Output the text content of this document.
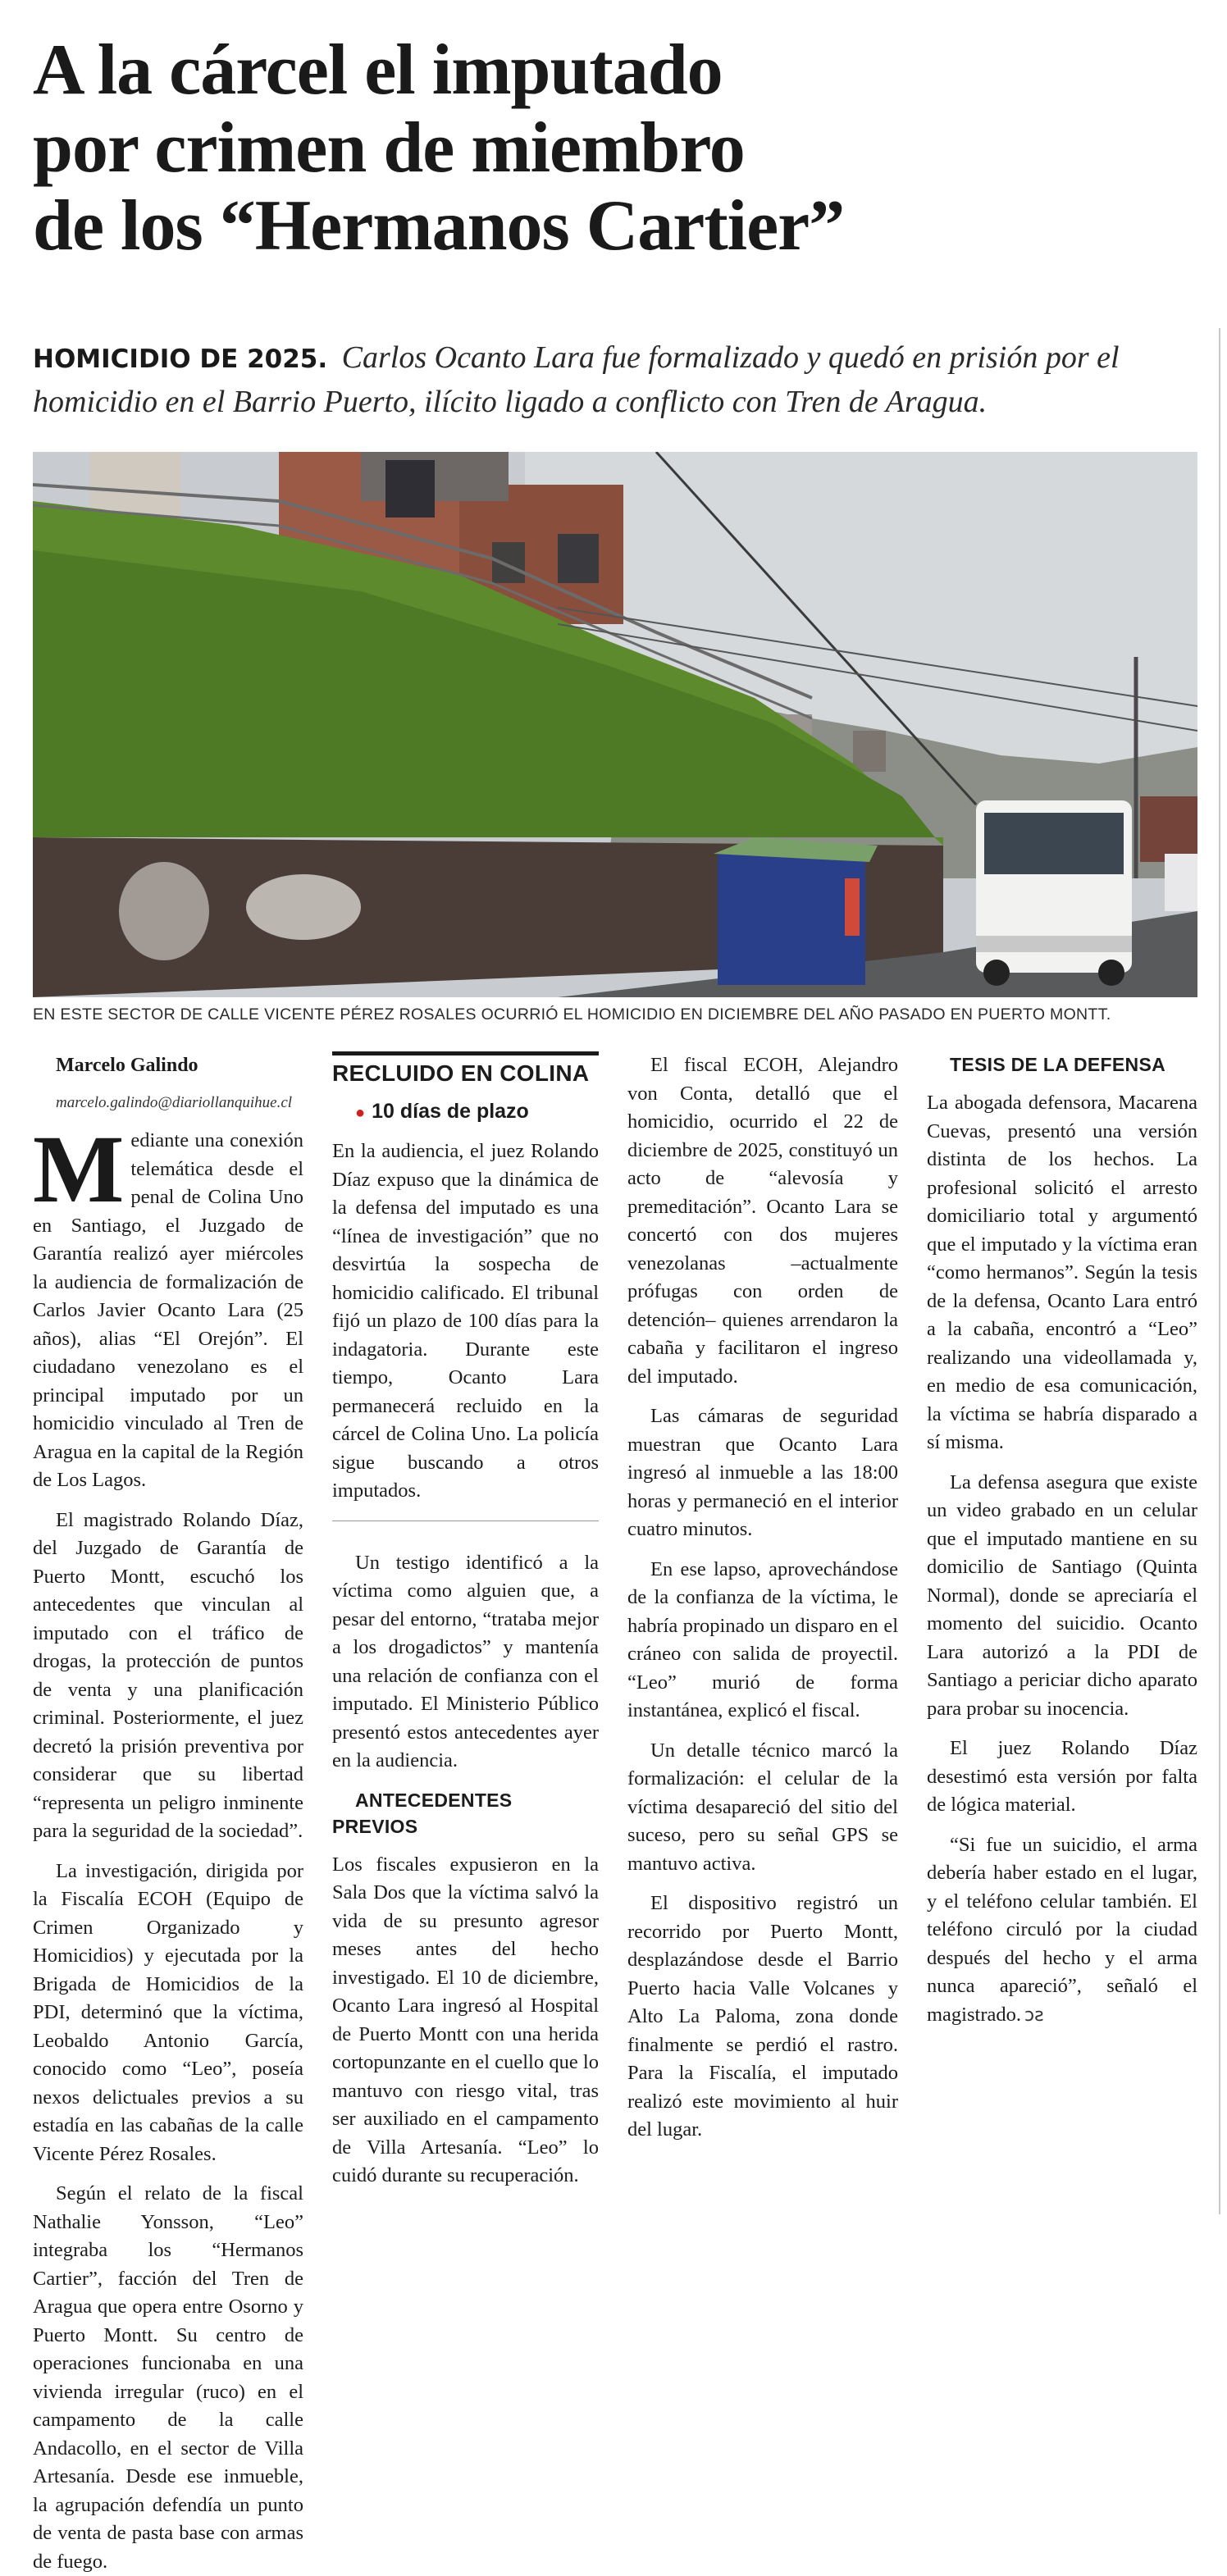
A la cárcel el imputado
por crimen de miembro
de los “Hermanos Cartier”

HOMICIDIO DE 2025. Carlos Ocanto Lara fue formalizado y quedó en prisión por el homicidio en el Barrio Puerto, ilícito ligado a conflicto con Tren de Aragua.

EN ESTE SECTOR DE CALLE VICENTE PÉREZ ROSALES OCURRIÓ EL HOMICIDIO EN DICIEMBRE DEL AÑO PASADO EN PUERTO MONTT.

Marcelo Galindo

marcelo.galindo@diariollanquihue.cl

Mediante una conexión telemática desde el penal de Colina Uno en Santiago, el Juzgado de Garantía realizó ayer miércoles la audiencia de formalización de Carlos Javier Ocanto Lara (25 años), alias “El Orejón”. El ciudadano venezolano es el principal imputado por un homicidio vinculado al Tren de Aragua en la capital de la Región de Los Lagos.

El magistrado Rolando Díaz, del Juzgado de Garantía de Puerto Montt, escuchó los antecedentes que vinculan al imputado con el tráfico de drogas, la protección de puntos de venta y una planificación criminal. Posteriormente, el juez decretó la prisión preventiva por considerar que su libertad “representa un peligro inminente para la seguridad de la sociedad”.

La investigación, dirigida por la Fiscalía ECOH (Equipo de Crimen Organizado y Homicidios) y ejecutada por la Brigada de Homicidios de la PDI, determinó que la víctima, Leobaldo Antonio García, conocido como “Leo”, poseía nexos delictuales previos a su estadía en las cabañas de la calle Vicente Pérez Rosales.

Según el relato de la fiscal Nathalie Yonsson, “Leo” integraba los “Hermanos Cartier”, facción del Tren de Aragua que opera entre Osorno y Puerto Montt. Su centro de operaciones funcionaba en una vivienda irregular (ruco) en el campamento de la calle Andacollo, en el sector de Villa Artesanía. Desde ese inmueble, la agrupación defendía un punto de venta de pasta base con armas de fuego.

RECLUIDO EN COLINA

● 10 días de plazo

En la audiencia, el juez Rolando Díaz expuso que la dinámica de la defensa del imputado es una “línea de investigación” que no desvirtúa la sospecha de homicidio calificado. El tribunal fijó un plazo de 100 días para la indagatoria. Durante este tiempo, Ocanto Lara permanecerá recluido en la cárcel de Colina Uno. La policía sigue buscando a otros imputados.

Un testigo identificó a la víctima como alguien que, a pesar del entorno, “trataba mejor a los drogadictos” y mantenía una relación de confianza con el imputado. El Ministerio Público presentó estos antecedentes ayer en la audiencia.

ANTECEDENTES PREVIOS

Los fiscales expusieron en la Sala Dos que la víctima salvó la vida de su presunto agresor meses antes del hecho investigado. El 10 de diciembre, Ocanto Lara ingresó al Hospital de Puerto Montt con una herida cortopunzante en el cuello que lo mantuvo con riesgo vital, tras ser auxiliado en el campamento de Villa Artesanía. “Leo” lo cuidó durante su recuperación.

El fiscal ECOH, Alejandro von Conta, detalló que el homicidio, ocurrido el 22 de diciembre de 2025, constituyó un acto de “alevosía y premeditación”. Ocanto Lara se concertó con dos mujeres venezolanas –actualmente prófugas con orden de detención– quienes arrendaron la cabaña y facilitaron el ingreso del imputado.

Las cámaras de seguridad muestran que Ocanto Lara ingresó al inmueble a las 18:00 horas y permaneció en el interior cuatro minutos.

En ese lapso, aprovechándose de la confianza de la víctima, le habría propinado un disparo en el cráneo con salida de proyectil. “Leo” murió de forma instantánea, explicó el fiscal.

Un detalle técnico marcó la formalización: el celular de la víctima desapareció del sitio del suceso, pero su señal GPS se mantuvo activa.

El dispositivo registró un recorrido por Puerto Montt, desplazándose desde el Barrio Puerto hacia Valle Volcanes y Alto La Paloma, zona donde finalmente se perdió el rastro. Para la Fiscalía, el imputado realizó este movimiento al huir del lugar.

TESIS DE LA DEFENSA

La abogada defensora, Macarena Cuevas, presentó una versión distinta de los hechos. La profesional solicitó el arresto domiciliario total y argumentó que el imputado y la víctima eran “como hermanos”. Según la tesis de la defensa, Ocanto Lara entró a la cabaña, encontró a “Leo” realizando una videollamada y, en medio de esa comunicación, la víctima se habría disparado a sí misma.

La defensa asegura que existe un video grabado en un celular que el imputado mantiene en su domicilio de Santiago (Quinta Normal), donde se apreciaría el momento del suicidio. Ocanto Lara autorizó a la PDI de Santiago a periciar dicho aparato para probar su inocencia.

El juez Rolando Díaz desestimó esta versión por falta de lógica material.

“Si fue un suicidio, el arma debería haber estado en el lugar, y el teléfono celular también. El teléfono circuló por la ciudad después del hecho y el arma nunca apareció”, señaló el magistrado. ↄƨ
